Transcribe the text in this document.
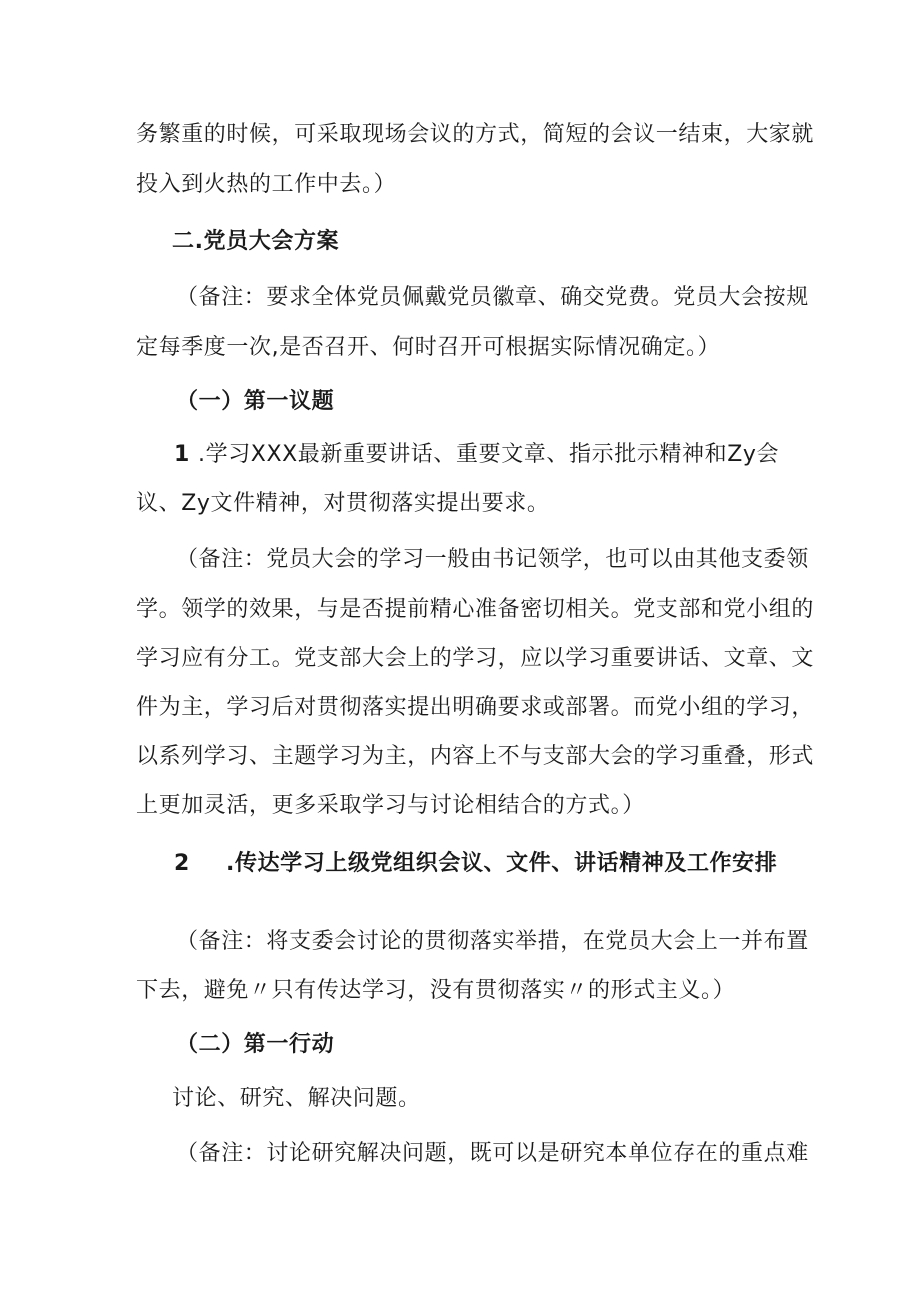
务繁重的时候，可采取现场会议的方式，简短的会议一结束，大家就
投入到火热的工作中去。）
二.党员大会方案
（备注：要求全体党员佩戴党员徽章、确交党费。党员大会按规
定每季度一次,是否召开、何时召开可根据实际情况确定。）
（一）第一议题
1 .学习XXX最新重要讲话、重要文章、指示批示精神和Zy会
议、Zy文件精神，对贯彻落实提出要求。
（备注：党员大会的学习一般由书记领学，也可以由其他支委领
学。领学的效果，与是否提前精心准备密切相关。党支部和党小组的
学习应有分工。党支部大会上的学习，应以学习重要讲话、文章、文
件为主，学习后对贯彻落实提出明确要求或部署。而党小组的学习，
以系列学习、主题学习为主，内容上不与支部大会的学习重叠，形式
上更加灵活，更多采取学习与讨论相结合的方式。）
2 .传达学习上级党组织会议、文件、讲话精神及工作安排
（备注：将支委会讨论的贯彻落实举措，在党员大会上一并布置
下去，避免〃只有传达学习，没有贯彻落实〃的形式主义。）
（二）第一行动
讨论、研究、解决问题。
（备注：讨论研究解决问题，既可以是研究本单位存在的重点难
